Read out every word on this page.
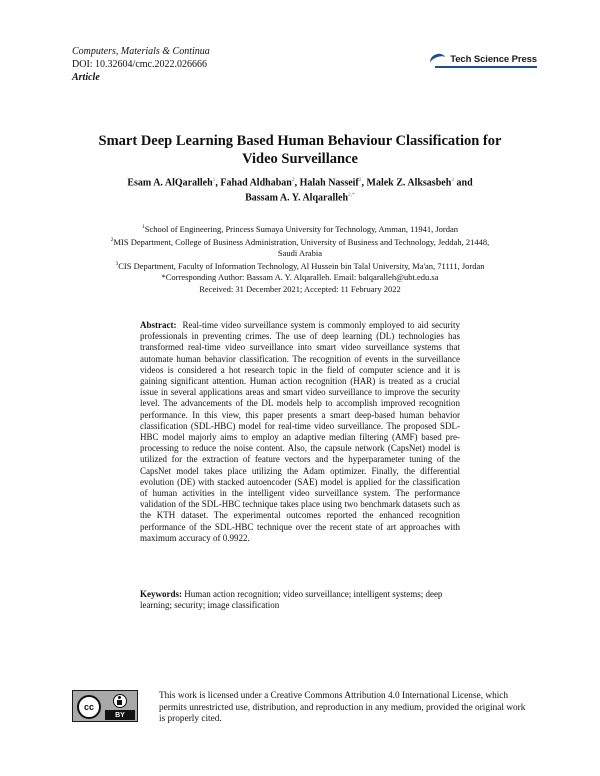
Computers, Materials & Continua
DOI: 10.32604/cmc.2022.026666
Article
Tech Science Press
Smart Deep Learning Based Human Behaviour Classification for Video Surveillance
Esam A. AlQaralleh$^1$, Fahad Aldhaban$^2$, Halah Nasseif$^2$, Malek Z. Alksasbeh$^3$ and
Bassam A. Y. Alqaralleh$^{2,*}$
$^1$School of Engineering, Princess Sumaya University for Technology, Amman, 11941, Jordan
$^2$MIS Department, College of Business Administration, University of Business and Technology, Jeddah, 21448, Saudi Arabia
$^3$CIS Department, Faculty of Information Technology, Al Hussein bin Talal University, Ma'an, 71111, Jordan
*Corresponding Author: Bassam A. Y. Alqaralleh. Email: balqaralleh@ubt.edu.sa
Received: 31 December 2021; Accepted: 11 February 2022
Abstract: Real-time video surveillance system is commonly employed to aid security professionals in preventing crimes. The use of deep learning (DL) technologies has transformed real-time video surveillance into smart video surveillance systems that automate human behavior classification. The recognition of events in the surveillance videos is considered a hot research topic in the field of computer science and it is gaining significant attention. Human action recognition (HAR) is treated as a crucial issue in several applications areas and smart video surveillance to improve the security level. The advancements of the DL models help to accomplish improved recognition performance. In this view, this paper presents a smart deep-based human behavior classification (SDL-HBC) model for real-time video surveillance. The proposed SDL-HBC model majorly aims to employ an adaptive median filtering (AMF) based pre-processing to reduce the noise content. Also, the capsule network (CapsNet) model is utilized for the extraction of feature vectors and the hyperparameter tuning of the CapsNet model takes place utilizing the Adam optimizer. Finally, the differential evolution (DE) with stacked autoencoder (SAE) model is applied for the classification of human activities in the intelligent video surveillance system. The performance validation of the SDL-HBC technique takes place using two benchmark datasets such as the KTH dataset. The experimental outcomes reported the enhanced recognition performance of the SDL-HBC technique over the recent state of art approaches with maximum accuracy of 0.9922.
Keywords: Human action recognition; video surveillance; intelligent systems; deep learning; security; image classification
cc
BY
This work is licensed under a Creative Commons Attribution 4.0 International License, which permits unrestricted use, distribution, and reproduction in any medium, provided the original work is properly cited.
